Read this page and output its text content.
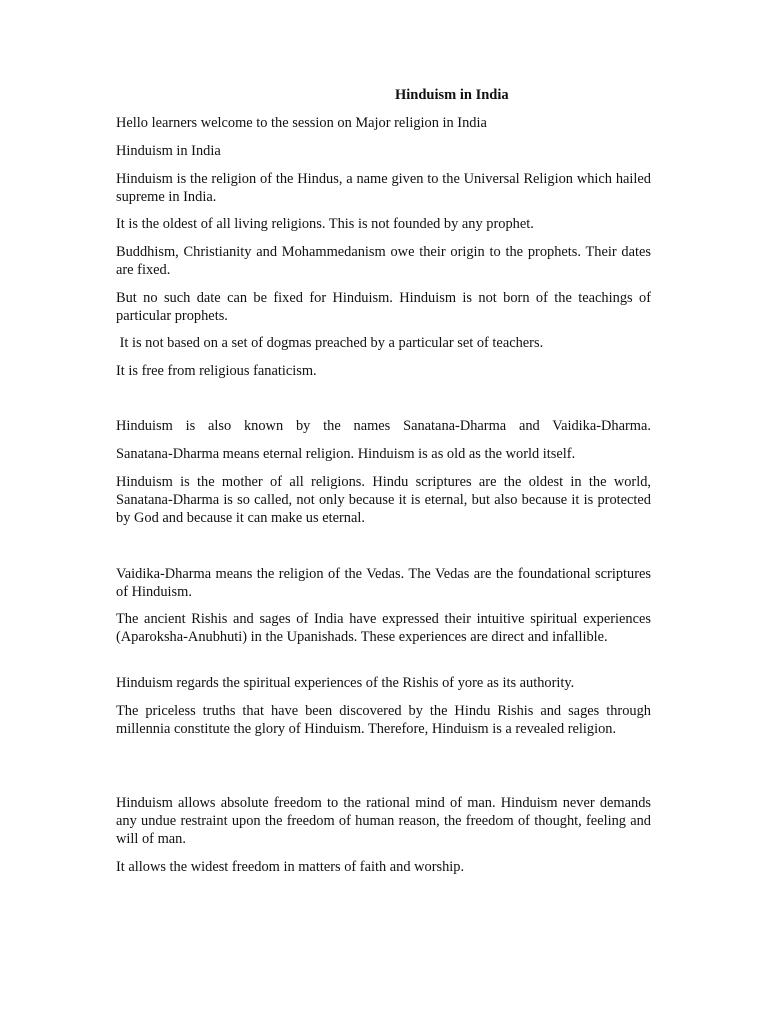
Hinduism in India
Hello learners welcome to the session on Major religion in India
Hinduism in India
Hinduism is the religion of the Hindus, a name given to the Universal Religion which hailed supreme in India.
It is the oldest of all living religions. This is not founded by any prophet.
Buddhism, Christianity and Mohammedanism owe their origin to the prophets. Their dates are fixed.
But no such date can be fixed for Hinduism. Hinduism is not born of the teachings of particular prophets.
It is not based on a set of dogmas preached by a particular set of teachers.
It is free from religious fanaticism.
Hinduism is also known by the names Sanatana-Dharma and Vaidika-Dharma.
Sanatana-Dharma means eternal religion. Hinduism is as old as the world itself.
Hinduism is the mother of all religions. Hindu scriptures are the oldest in the world, Sanatana-Dharma is so called, not only because it is eternal, but also because it is protected by God and because it can make us eternal.
Vaidika-Dharma means the religion of the Vedas. The Vedas are the foundational scriptures of Hinduism.
The ancient Rishis and sages of India have expressed their intuitive spiritual experiences (Aparoksha-Anubhuti) in the Upanishads. These experiences are direct and infallible.
Hinduism regards the spiritual experiences of the Rishis of yore as its authority.
The priceless truths that have been discovered by the Hindu Rishis and sages through millennia constitute the glory of Hinduism. Therefore, Hinduism is a revealed religion.
Hinduism allows absolute freedom to the rational mind of man. Hinduism never demands any undue restraint upon the freedom of human reason, the freedom of thought, feeling and will of man.
It allows the widest freedom in matters of faith and worship.
